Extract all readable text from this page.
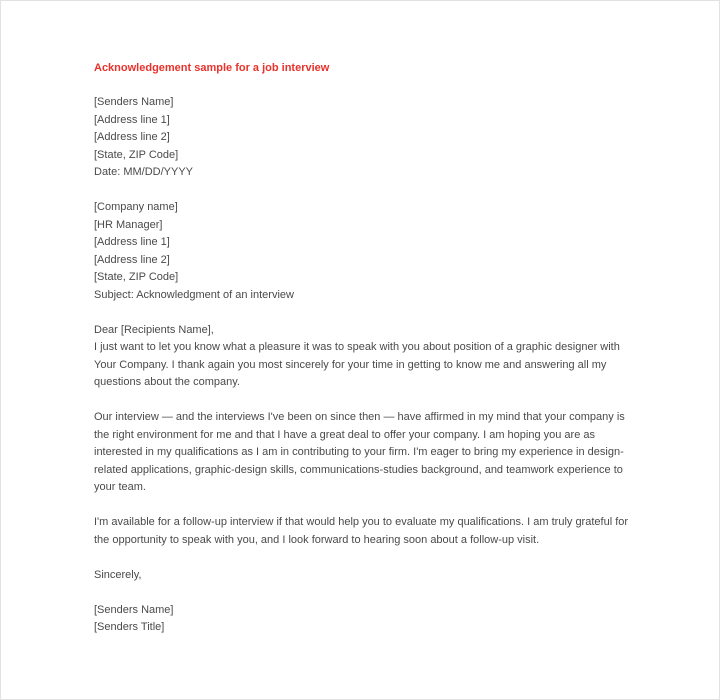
Acknowledgement sample for a job interview
[Senders Name]
[Address line 1]
[Address line 2]
[State, ZIP Code]
Date: MM/DD/YYYY
[Company name]
[HR Manager]
[Address line 1]
[Address line 2]
[State, ZIP Code]
Subject: Acknowledgment of an interview
Dear [Recipients Name],
I just want to let you know what a pleasure it was to speak with you about position of a graphic designer with Your Company. I thank again you most sincerely for your time in getting to know me and answering all my questions about the company.
Our interview — and the interviews I've been on since then — have affirmed in my mind that your company is the right environment for me and that I have a great deal to offer your company. I am hoping you are as interested in my qualifications as I am in contributing to your firm. I'm eager to bring my experience in design-related applications, graphic-design skills, communications-studies background, and teamwork experience to your team.
I'm available for a follow-up interview if that would help you to evaluate my qualifications. I am truly grateful for the opportunity to speak with you, and I look forward to hearing soon about a follow-up visit.
Sincerely,
[Senders Name]
[Senders Title]
